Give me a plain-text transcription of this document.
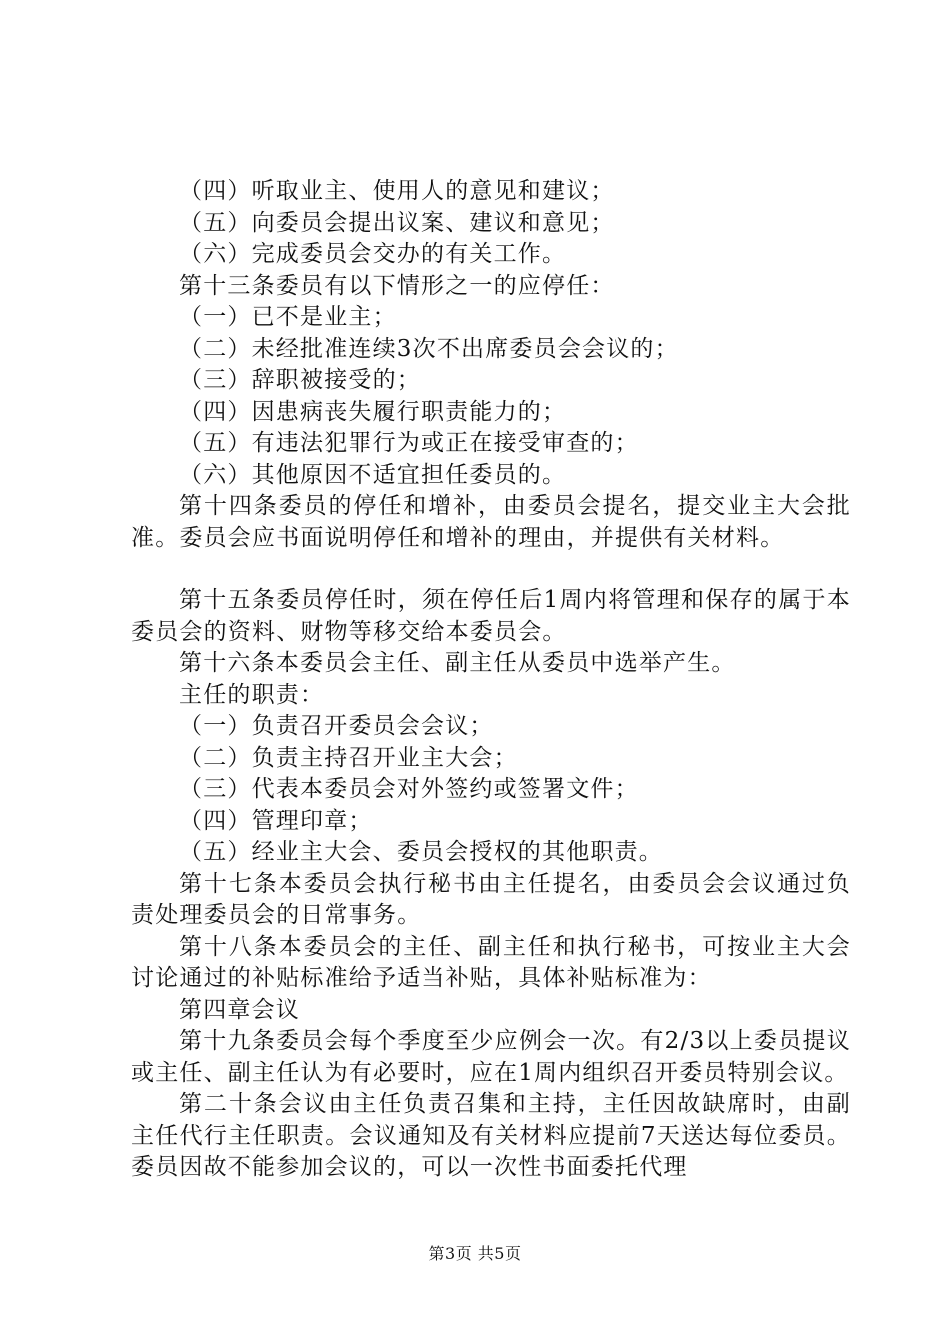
（四）听取业主、使用人的意见和建议；

（五）向委员会提出议案、建议和意见；

（六）完成委员会交办的有关工作。

第十三条委员有以下情形之一的应停任：

（一）已不是业主；

（二）未经批准连续3次不出席委员会会议的；

（三）辞职被接受的；

（四）因患病丧失履行职责能力的；

（五）有违法犯罪行为或正在接受审查的；

（六）其他原因不适宜担任委员的。

第十四条委员的停任和增补，由委员会提名，提交业主大会批准。委员会应书面说明停任和增补的理由，并提供有关材料。

第十五条委员停任时，须在停任后1周内将管理和保存的属于本委员会的资料、财物等移交给本委员会。

第十六条本委员会主任、副主任从委员中选举产生。

主任的职责：

（一）负责召开委员会会议；

（二）负责主持召开业主大会；

（三）代表本委员会对外签约或签署文件；

（四）管理印章；

（五）经业主大会、委员会授权的其他职责。

第十七条本委员会执行秘书由主任提名，由委员会会议通过负责处理委员会的日常事务。

第十八条本委员会的主任、副主任和执行秘书，可按业主大会讨论通过的补贴标准给予适当补贴，具体补贴标准为：

第四章会议

第十九条委员会每个季度至少应例会一次。有2/3以上委员提议或主任、副主任认为有必要时，应在1周内组织召开委员特别会议。

第二十条会议由主任负责召集和主持，主任因故缺席时，由副主任代行主任职责。会议通知及有关材料应提前7天送达每位委员。委员因故不能参加会议的，可以一次性书面委托代理

第3页 共5页
